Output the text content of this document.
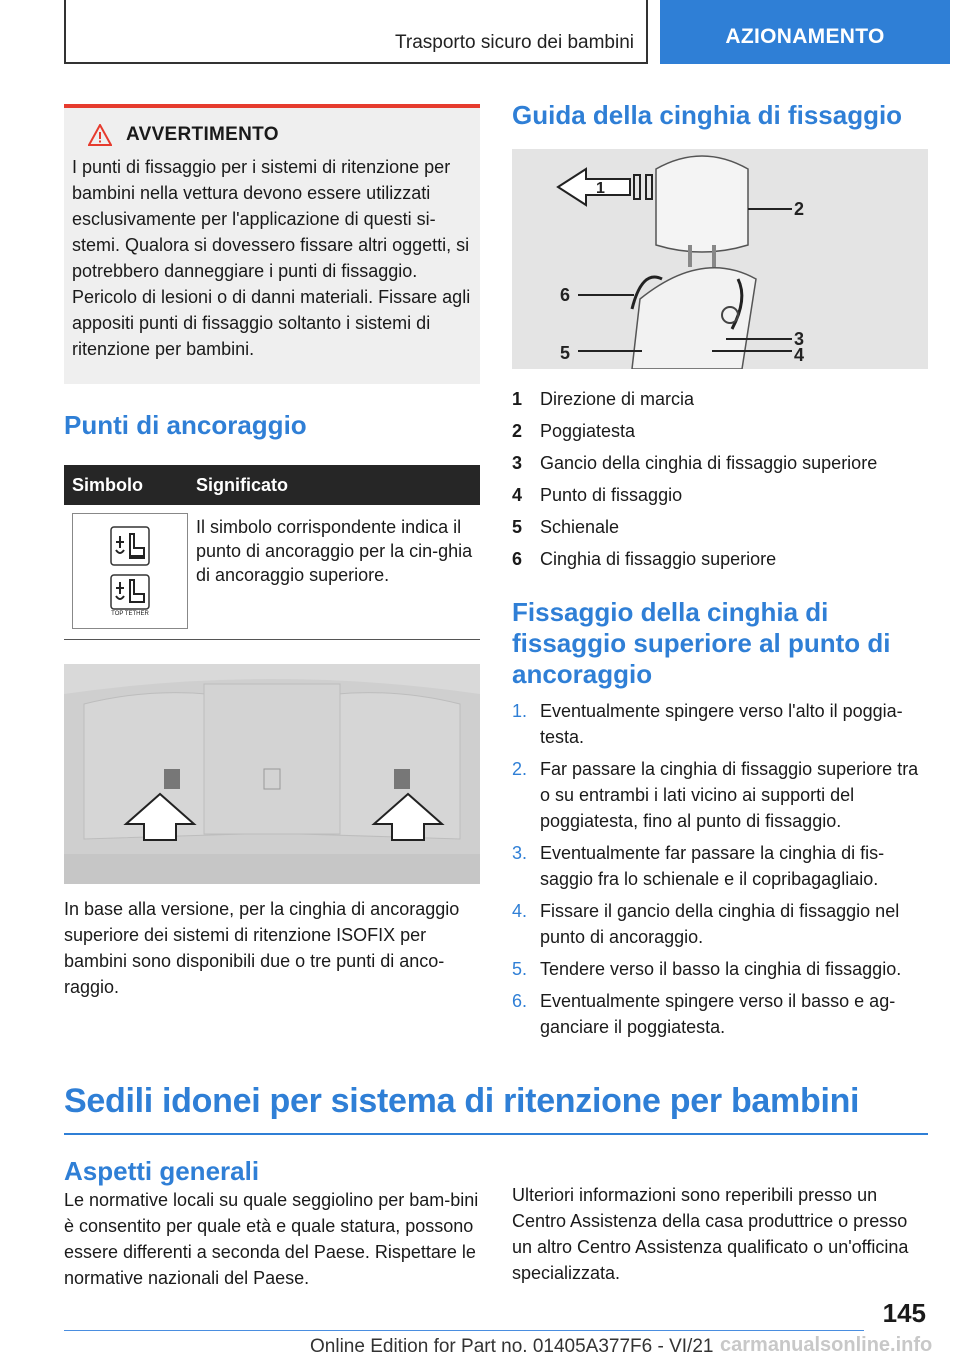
Trasporto sicuro dei bambini	AZIONAMENTO
AVVERTIMENTO
I punti di fissaggio per i sistemi di ritenzione per bambini nella vettura devono essere utilizzati esclusivamente per l'applicazione di questi si-stemi. Qualora si dovessero fissare altri oggetti, si potrebbero danneggiare i punti di fissaggio. Pericolo di lesioni o di danni materiali. Fissare agli appositi punti di fissaggio soltanto i sistemi di ritenzione per bambini.
Punti di ancoraggio
Simbolo	Significato
TOP TETHER
Il simbolo corrispondente indica il punto di ancoraggio per la cin-ghia di ancoraggio superiore.
In base alla versione, per la cinghia di ancoraggio superiore dei sistemi di ritenzione ISOFIX per bambini sono disponibili due o tre punti di anco-raggio.
Guida della cinghia di fissaggio
1
2
3
4
5
6
1 Direzione di marcia
2 Poggiatesta
3 Gancio della cinghia di fissaggio superiore
4 Punto di fissaggio
5 Schienale
6 Cinghia di fissaggio superiore
Fissaggio della cinghia di fissaggio superiore al punto di ancoraggio
1. Eventualmente spingere verso l'alto il poggia-testa.
2. Far passare la cinghia di fissaggio superiore tra o su entrambi i lati vicino ai supporti del poggiatesta, fino al punto di fissaggio.
3. Eventualmente far passare la cinghia di fis-saggio fra lo schienale e il copribagagliaio.
4. Fissare il gancio della cinghia di fissaggio nel punto di ancoraggio.
5. Tendere verso il basso la cinghia di fissaggio.
6. Eventualmente spingere verso il basso e ag-ganciare il poggiatesta.
Sedili idonei per sistema di ritenzione per bambini
Aspetti generali
Le normative locali su quale seggiolino per bam-bini è consentito per quale età e quale statura, possono essere differenti a seconda del Paese. Rispettare le normative nazionali del Paese.
Ulteriori informazioni sono reperibili presso un Centro Assistenza della casa produttrice o presso un altro Centro Assistenza qualificato o un'officina specializzata.
145
Online Edition for Part no. 01405A377F6 - VI/21 carmanualsonline.info
